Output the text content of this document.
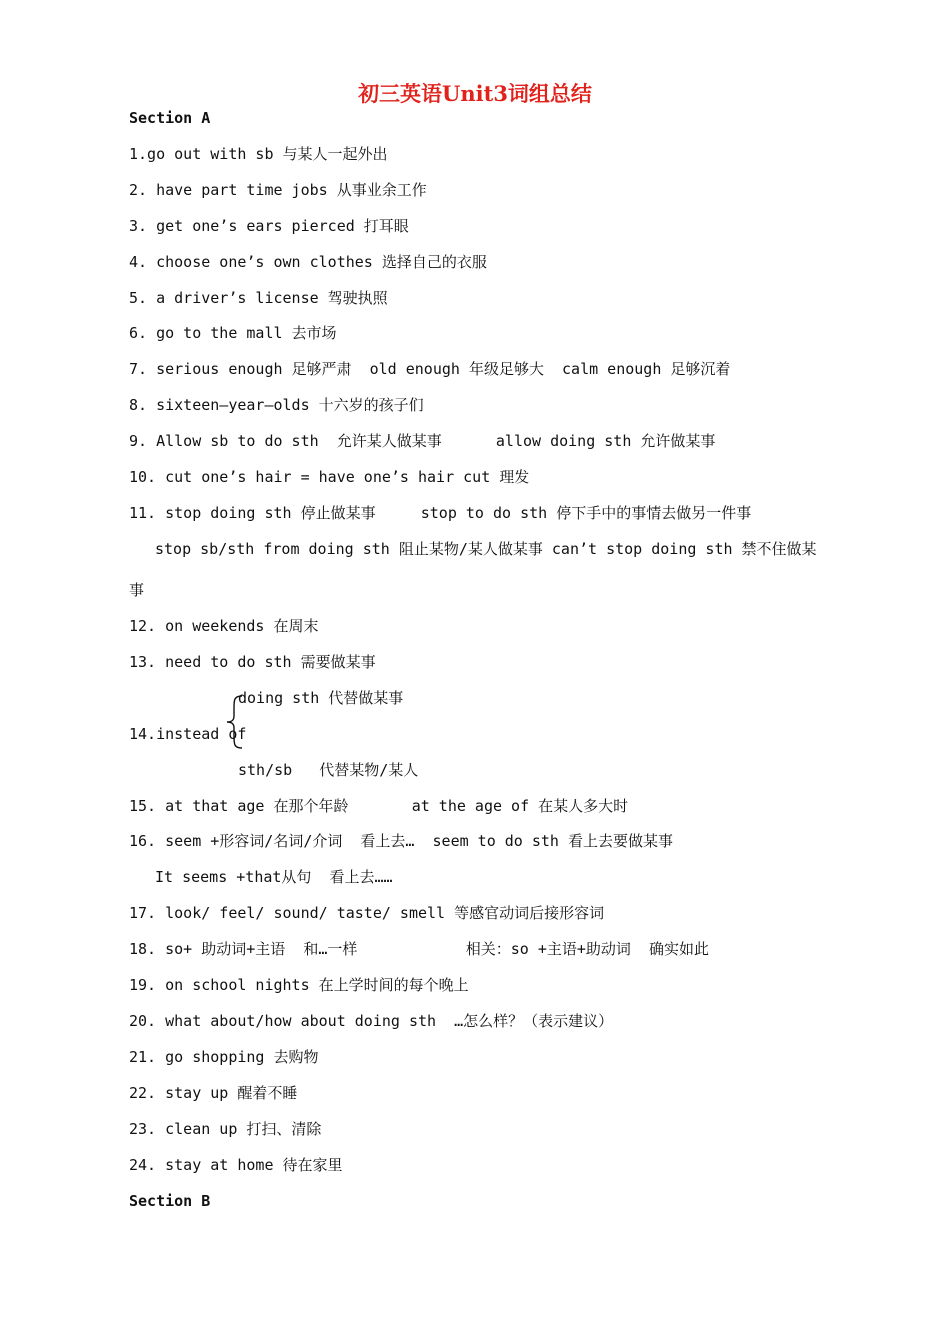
初三英语Unit3词组总结
Section A
1.go out with sb 与某人一起外出
2. have part time jobs 从事业余工作
3. get one’s ears pierced 打耳眼
4. choose one’s own clothes 选择自己的衣服
5. a driver’s license 驾驶执照
6. go to the mall 去市场
7. serious enough 足够严肃  old enough 年级足够大  calm enough 足够沉着
8. sixteen—year—olds 十六岁的孩子们
9. Allow sb to do sth  允许某人做某事      allow doing sth 允许做某事
10. cut one’s hair = have one’s hair cut 理发
11. stop doing sth 停止做某事     stop to do sth 停下手中的事情去做另一件事
stop sb/sth from doing sth 阻止某物/某人做某事 can’t stop doing sth 禁不住做某
事
12. on weekends 在周末
13. need to do sth 需要做某事
doing sth 代替做某事
14.instead of
sth/sb   代替某物/某人
15. at that age 在那个年龄       at the age of 在某人多大时
16. seem +形容词/名词/介词  看上去…  seem to do sth 看上去要做某事
It seems +that从句  看上去……
17. look/ feel/ sound/ taste/ smell 等感官动词后接形容词
18. so+ 助动词+主语  和…一样            相关：so +主语+助动词  确实如此
19. on school nights 在上学时间的每个晚上
20. what about/how about doing sth  …怎么样？（表示建议）
21. go shopping 去购物
22. stay up 醒着不睡
23. clean up 打扫、清除
24. stay at home 待在家里
Section B
